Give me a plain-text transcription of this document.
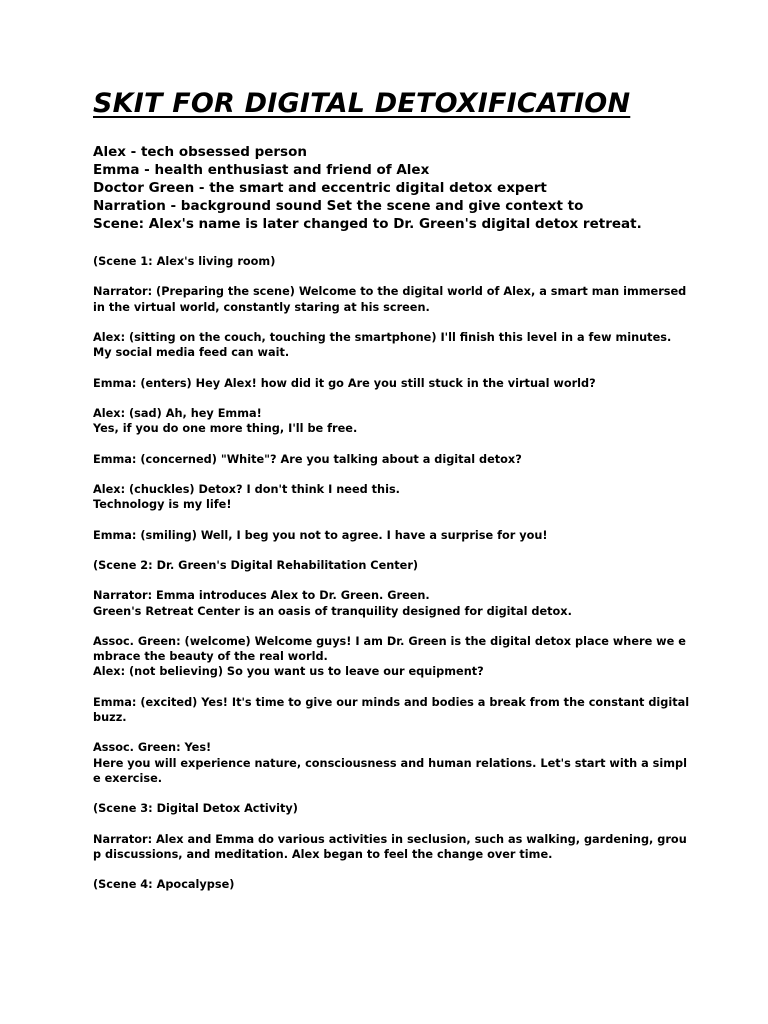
SKIT FOR DIGITAL DETOXIFICATION
Alex - tech obsessed person
Emma - health enthusiast and friend of Alex
Doctor Green - the smart and eccentric digital detox expert
Narration - background sound Set the scene and give context to
Scene: Alex's name is later changed to Dr. Green's digital detox retreat.
(Scene 1: Alex's living room)
Narrator: (Preparing the scene) Welcome to the digital world of Alex, a smart man immersed
in the virtual world, constantly staring at his screen.
Alex: (sitting on the couch, touching the smartphone) I'll finish this level in a few minutes.
My social media feed can wait.
Emma: (enters) Hey Alex! how did it go Are you still stuck in the virtual world?
Alex: (sad) Ah, hey Emma!
Yes, if you do one more thing, I'll be free.
Emma: (concerned) "White"? Are you talking about a digital detox?
Alex: (chuckles) Detox? I don't think I need this.
Technology is my life!
Emma: (smiling) Well, I beg you not to agree. I have a surprise for you!
(Scene 2: Dr. Green's Digital Rehabilitation Center)
Narrator: Emma introduces Alex to Dr. Green. Green.
Green's Retreat Center is an oasis of tranquility designed for digital detox.
Assoc. Green: (welcome) Welcome guys! I am Dr. Green is the digital detox place where we e
mbrace the beauty of the real world.
Alex: (not believing) So you want us to leave our equipment?
Emma: (excited) Yes! It's time to give our minds and bodies a break from the constant digital
buzz.
Assoc. Green: Yes!
Here you will experience nature, consciousness and human relations. Let's start with a simpl
e exercise.
(Scene 3: Digital Detox Activity)
Narrator: Alex and Emma do various activities in seclusion, such as walking, gardening, grou
p discussions, and meditation. Alex began to feel the change over time.
(Scene 4: Apocalypse)
